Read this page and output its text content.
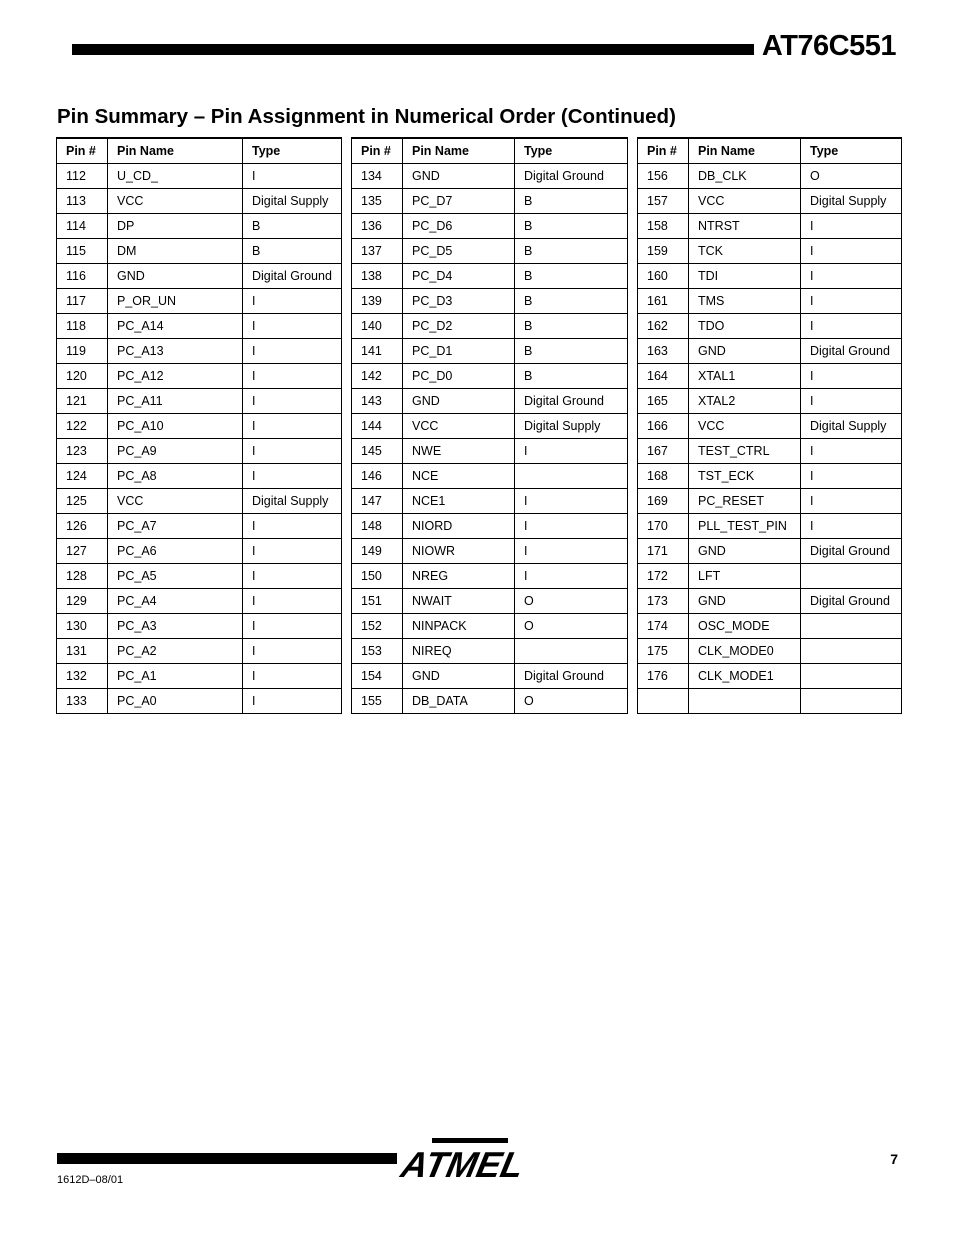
AT76C551
Pin Summary – Pin Assignment in Numerical Order (Continued)
Pin #	Pin Name	Type
112	U_CD_	I
113	VCC	Digital Supply
114	DP	B
115	DM	B
116	GND	Digital Ground
117	P_OR_UN	I
118	PC_A14	I
119	PC_A13	I
120	PC_A12	I
121	PC_A11	I
122	PC_A10	I
123	PC_A9	I
124	PC_A8	I
125	VCC	Digital Supply
126	PC_A7	I
127	PC_A6	I
128	PC_A5	I
129	PC_A4	I
130	PC_A3	I
131	PC_A2	I
132	PC_A1	I
133	PC_A0	I
Pin #	Pin Name	Type
134	GND	Digital Ground
135	PC_D7	B
136	PC_D6	B
137	PC_D5	B
138	PC_D4	B
139	PC_D3	B
140	PC_D2	B
141	PC_D1	B
142	PC_D0	B
143	GND	Digital Ground
144	VCC	Digital Supply
145	NWE	I
146	NCE	
147	NCE1	I
148	NIORD	I
149	NIOWR	I
150	NREG	I
151	NWAIT	O
152	NINPACK	O
153	NIREQ	
154	GND	Digital Ground
155	DB_DATA	O
Pin #	Pin Name	Type
156	DB_CLK	O
157	VCC	Digital Supply
158	NTRST	I
159	TCK	I
160	TDI	I
161	TMS	I
162	TDO	I
163	GND	Digital Ground
164	XTAL1	I
165	XTAL2	I
166	VCC	Digital Supply
167	TEST_CTRL	I
168	TST_ECK	I
169	PC_RESET	I
170	PLL_TEST_PIN	I
171	GND	Digital Ground
172	LFT	
173	GND	Digital Ground
174	OSC_MODE	
175	CLK_MODE0	
176	CLK_MODE1	

ATMEL	7
1612D–08/01
